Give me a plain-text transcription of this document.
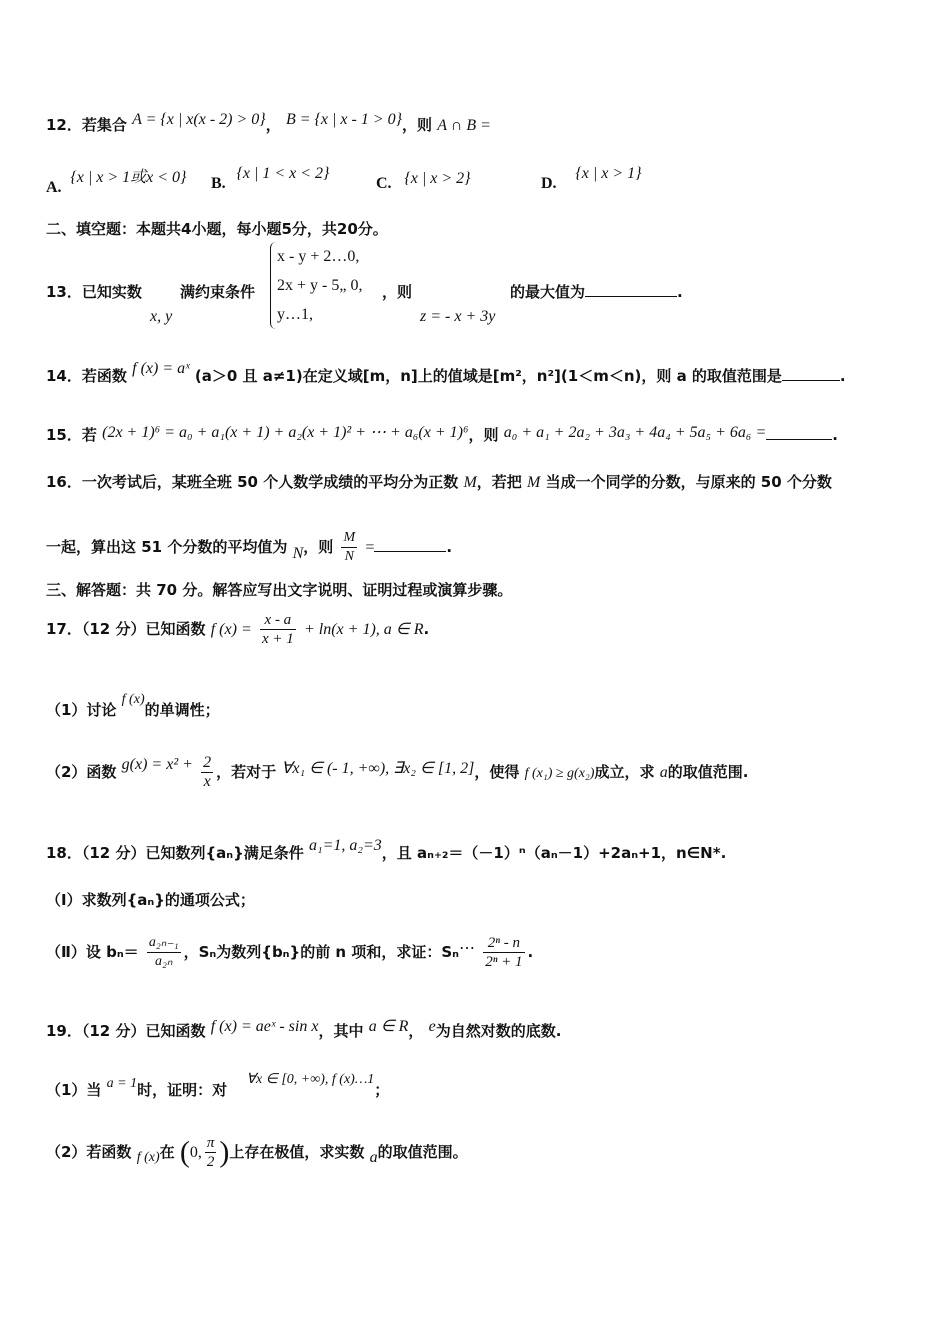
12．若集合 A = {x | x(x - 2) > 0}， B = {x | x - 1 > 0}，则 A ∩ B =
A. {x | x > 1或x < 0} B. {x | 1 < x < 2}
C. {x | x > 2}	D. {x | x > 1}
二、填空题：本题共4小题，每小题5分，共20分。
13．已知实数
x, y
满约束条件
x - y + 2…0,
2x + y - 5„ 0,
y…1,
，则
z = - x + 3y
的最大值为	.
14．若函数 f (x) = aˣ (a＞0 且 a≠1)在定义域[m，n]上的值域是[m²，n²](1＜m＜n)，则 a 的取值范围是	.
15．若 (2x + 1)⁶ = a₀ + a₁(x + 1) + a₂(x + 1)² + ⋯ + a₆(x + 1)⁶，则 a₀ + a₁ + 2a₂ + 3a₃ + 4a₄ + 5a₅ + 6a₆ =	.
16．一次考试后，某班全班 50 个人数学成绩的平均分为正数 M，若把 M 当成一个同学的分数，与原来的 50 个分数
一起，算出这 51 个分数的平均值为 N，则 $\frac{M}{N}$ =	.
三、解答题：共 70 分。解答应写出文字说明、证明过程或演算步骤。
17．（12 分）已知函数 f $(x) = \frac{x - a}{x + 1} + \ln(x + 1)$, a ∈ R.
（1）讨论 f (x)的单调性；
（2）函数 $g(x) = x^2 + \frac{2}{x}$ ，若对于 ∀x₁ ∈ (- 1, +∞), ∃x₂ ∈ [1, 2]，使得 f (x₁) ≥ g(x₂)成立，求 a的取值范围.
18．（12 分）已知数列{aₙ}满足条件 a₁=1, a₂=3，且 aₙ₊₂＝（－1）ⁿ（aₙ－1）+2aₙ+1，n∈N*.
（Ⅰ）求数列{aₙ}的通项公式；
（Ⅱ）设 $b_n= \frac{\text{a₂ₙ₋₁}}{\text{a₂ₙ}}$ ，Sₙ为数列{bₙ}的前 n 项和，求证：Sₙ⋯ $\frac{\text{2ⁿ - n}}{\text{2ⁿ + 1}}$ .
19．（12 分）已知函数 f (x) = aeˣ - sin x，其中 a ∈ R， e为自然对数的底数.
（1）当 a = 1时，证明：对 ∀x ∈ [0, +∞), f (x)…1；
（2）若函数 f (x)在 (0, $\frac{\pi}{2}$ )上存在极值，求实数 a的取值范围。
